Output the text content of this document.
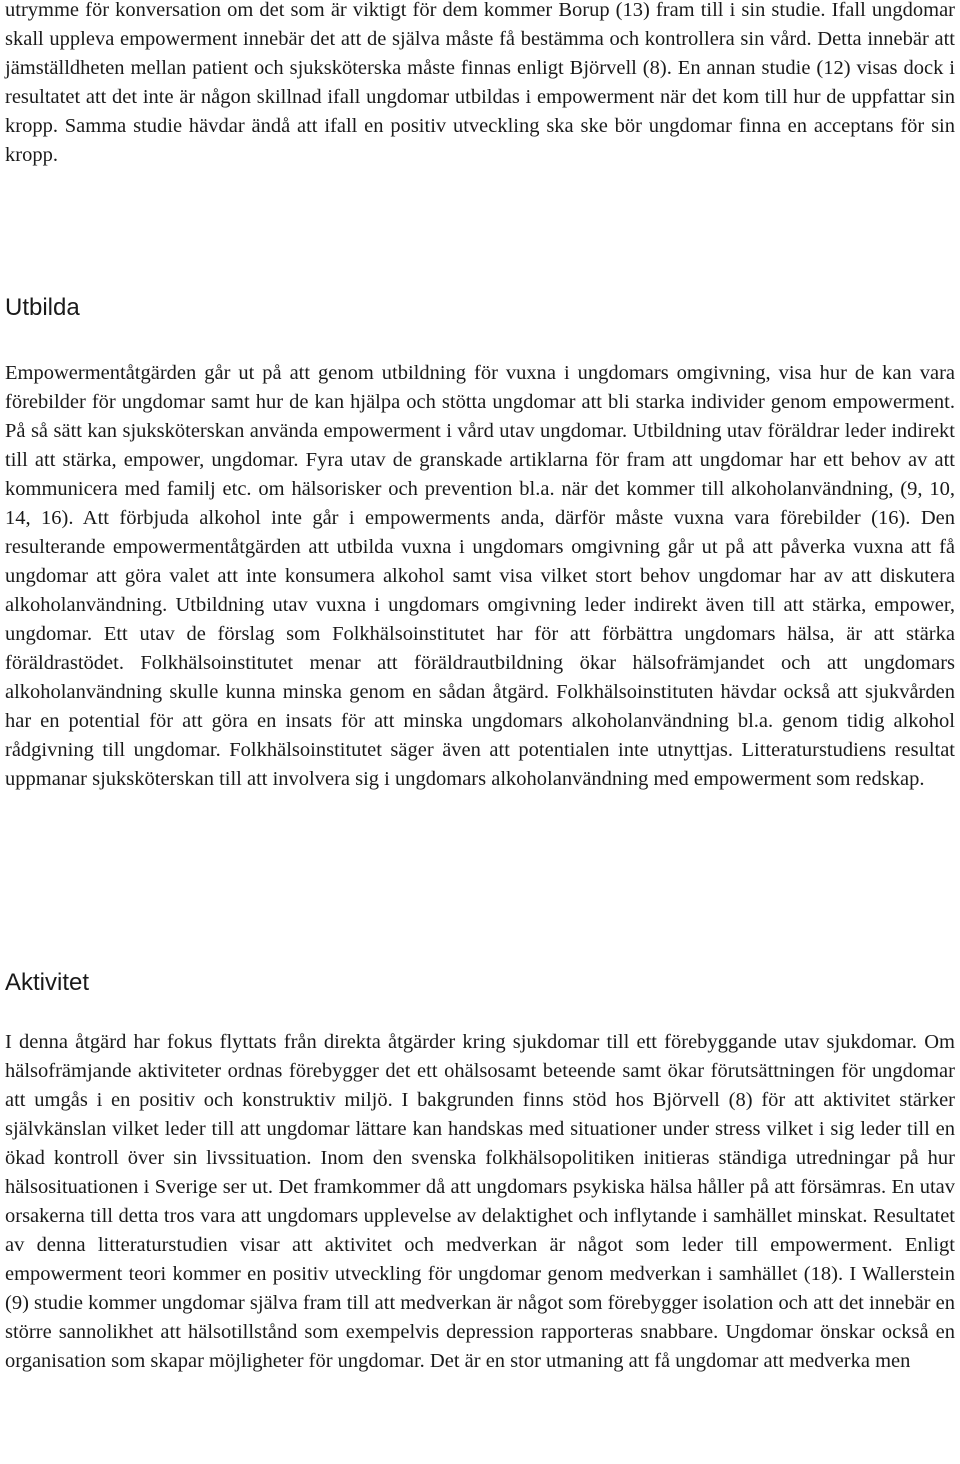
utrymme för konversation om det som är viktigt för dem kommer Borup (13) fram till i sin studie. Ifall ungdomar skall uppleva empowerment innebär det att de själva måste få bestämma och kontrollera sin vård. Detta innebär att jämställdheten mellan patient och sjuksköterska måste finnas enligt Björvell (8). En annan studie (12) visas dock i resultatet att det inte är någon skillnad ifall ungdomar utbildas i empowerment när det kom till hur de uppfattar sin kropp. Samma studie hävdar ändå att ifall en positiv utveckling ska ske bör ungdomar finna en acceptans för sin kropp.

Utbilda

Empowermentåtgärden går ut på att genom utbildning för vuxna i ungdomars omgivning, visa hur de kan vara förebilder för ungdomar samt hur de kan hjälpa och stötta ungdomar att bli starka individer genom empowerment. På så sätt kan sjuksköterskan använda empowerment i vård utav ungdomar. Utbildning utav föräldrar leder indirekt till att stärka, empower, ungdomar. Fyra utav de granskade artiklarna för fram att ungdomar har ett behov av att kommunicera med familj etc. om hälsorisker och prevention bl.a. när det kommer till alkoholanvändning, (9, 10, 14, 16). Att förbjuda alkohol inte går i empowerments anda, därför måste vuxna vara förebilder (16). Den resulterande empowermentåtgärden att utbilda vuxna i ungdomars omgivning går ut på att påverka vuxna att få ungdomar att göra valet att inte konsumera alkohol samt visa vilket stort behov ungdomar har av att diskutera alkoholanvändning. Utbildning utav vuxna i ungdomars omgivning leder indirekt även till att stärka, empower, ungdomar. Ett utav de förslag som Folkhälsoinstitutet har för att förbättra ungdomars hälsa, är att stärka föräldrastödet. Folkhälsoinstitutet menar att föräldrautbildning ökar hälsofrämjandet och att ungdomars alkoholanvändning skulle kunna minska genom en sådan åtgärd. Folkhälsoinstituten hävdar också att sjukvården har en potential för att göra en insats för att minska ungdomars alkoholanvändning bl.a. genom tidig alkohol rådgivning till ungdomar. Folkhälsoinstitutet säger även att potentialen inte utnyttjas. Litteraturstudiens resultat uppmanar sjuksköterskan till att involvera sig i ungdomars alkoholanvändning med empowerment som redskap.

Aktivitet

I denna åtgärd har fokus flyttats från direkta åtgärder kring sjukdomar till ett förebyggande utav sjukdomar. Om hälsofrämjande aktiviteter ordnas förebygger det ett ohälsosamt beteende samt ökar förutsättningen för ungdomar att umgås i en positiv och konstruktiv miljö. I bakgrunden finns stöd hos Björvell (8) för att aktivitet stärker självkänslan vilket leder till att ungdomar lättare kan handskas med situationer under stress vilket i sig leder till en ökad kontroll över sin livssituation. Inom den svenska folkhälsopolitiken initieras ständiga utredningar på hur hälsosituationen i Sverige ser ut. Det framkommer då att ungdomars psykiska hälsa håller på att försämras. En utav orsakerna till detta tros vara att ungdomars upplevelse av delaktighet och inflytande i samhället minskat. Resultatet av denna litteraturstudien visar att aktivitet och medverkan är något som leder till empowerment. Enligt empowerment teori kommer en positiv utveckling för ungdomar genom medverkan i samhället (18). I Wallerstein (9) studie kommer ungdomar själva fram till att medverkan är något som förebygger isolation och att det innebär en större sannolikhet att hälsotillstånd som exempelvis depression rapporteras snabbare. Ungdomar önskar också en organisation som skapar möjligheter för ungdomar. Det är en stor utmaning att få ungdomar att medverka men
